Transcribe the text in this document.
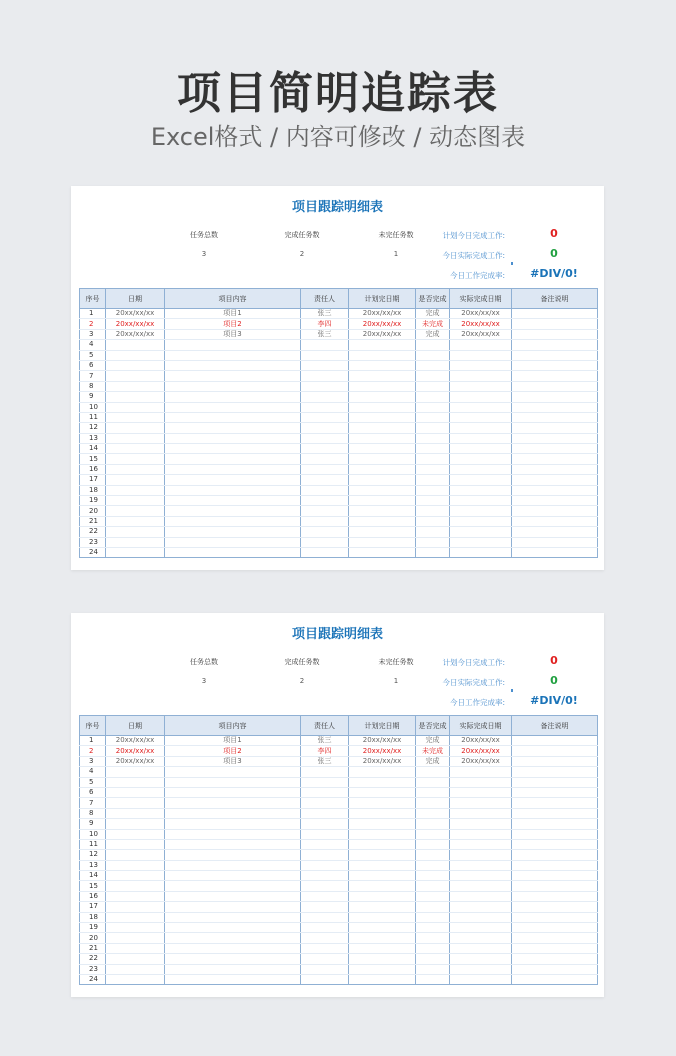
项目简明追踪表
Excel格式 / 内容可修改 / 动态图表
项目跟踪明细表
任务总数	完成任务数	未完任务数
3	2	1
计划今日完成工作:	0
今日实际完成工作:	0
今日工作完成率:	#DIV/0!
序号	日期	项目内容	责任人	计划完日期	是否完成	实际完成日期	备注说明
1	20xx/xx/xx	项目1	张三	20xx/xx/xx	完成	20xx/xx/xx	
2	20xx/xx/xx	项目2	李四	20xx/xx/xx	未完成	20xx/xx/xx	
3	20xx/xx/xx	项目3	张三	20xx/xx/xx	完成	20xx/xx/xx	
4							
5							
6							
7							
8							
9							
10							
11							
12							
13							
14							
15							
16							
17							
18							
19							
20							
21							
22							
23							
24							
项目跟踪明细表
任务总数	完成任务数	未完任务数
3	2	1
计划今日完成工作:	0
今日实际完成工作:	0
今日工作完成率:	#DIV/0!
序号	日期	项目内容	责任人	计划完日期	是否完成	实际完成日期	备注说明
1	20xx/xx/xx	项目1	张三	20xx/xx/xx	完成	20xx/xx/xx	
2	20xx/xx/xx	项目2	李四	20xx/xx/xx	未完成	20xx/xx/xx	
3	20xx/xx/xx	项目3	张三	20xx/xx/xx	完成	20xx/xx/xx	
4							
5							
6							
7							
8							
9							
10							
11							
12							
13							
14							
15							
16							
17							
18							
19							
20							
21							
22							
23							
24							
